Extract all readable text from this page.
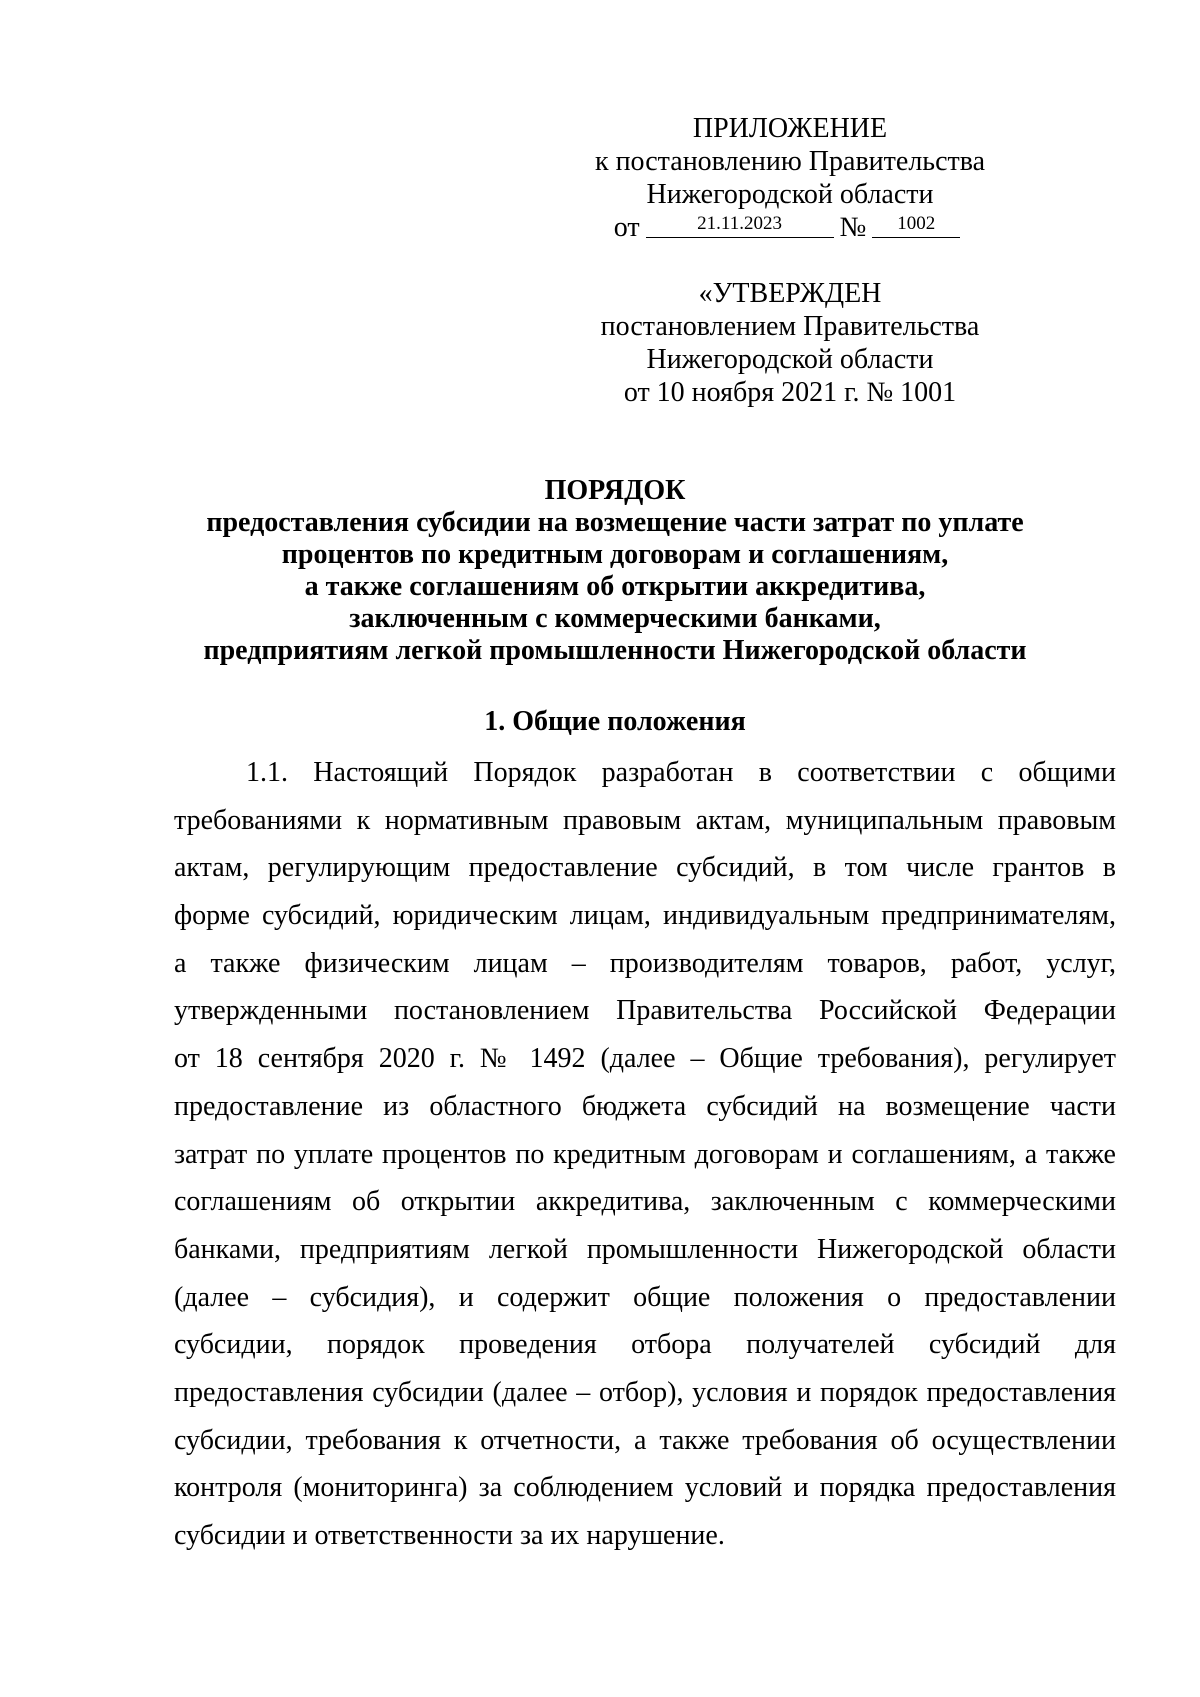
ПРИЛОЖЕНИЕ
к постановлению Правительства
Нижегородской области
от	21.11.2023	№	1002
«УТВЕРЖДЕН
постановлением Правительства
Нижегородской области
от 10 ноября 2021 г. № 1001
ПОРЯДОК
предоставления субсидии на возмещение части затрат по уплате
процентов по кредитным договорам и соглашениям,
а также соглашениям об открытии аккредитива,
заключенным с коммерческими банками,
предприятиям легкой промышленности Нижегородской области
1. Общие положения
1.1. Настоящий Порядок разработан в соответствии с общими
требованиями к нормативным правовым актам, муниципальным правовым
актам, регулирующим предоставление субсидий, в том числе грантов в
форме субсидий, юридическим лицам, индивидуальным предпринимателям,
а также физическим лицам – производителям товаров, работ, услуг,
утвержденными постановлением Правительства Российской Федерации
от 18 сентября 2020 г. № 1492 (далее – Общие требования), регулирует
предоставление из областного бюджета субсидий на возмещение части
затрат по уплате процентов по кредитным договорам и соглашениям, а также
соглашениям об открытии аккредитива, заключенным с коммерческими
банками, предприятиям легкой промышленности Нижегородской области
(далее – субсидия), и содержит общие положения о предоставлении
субсидии, порядок проведения отбора получателей субсидий для
предоставления субсидии (далее – отбор), условия и порядок предоставления
субсидии, требования к отчетности, а также требования об осуществлении
контроля (мониторинга) за соблюдением условий и порядка предоставления
субсидии и ответственности за их нарушение.
